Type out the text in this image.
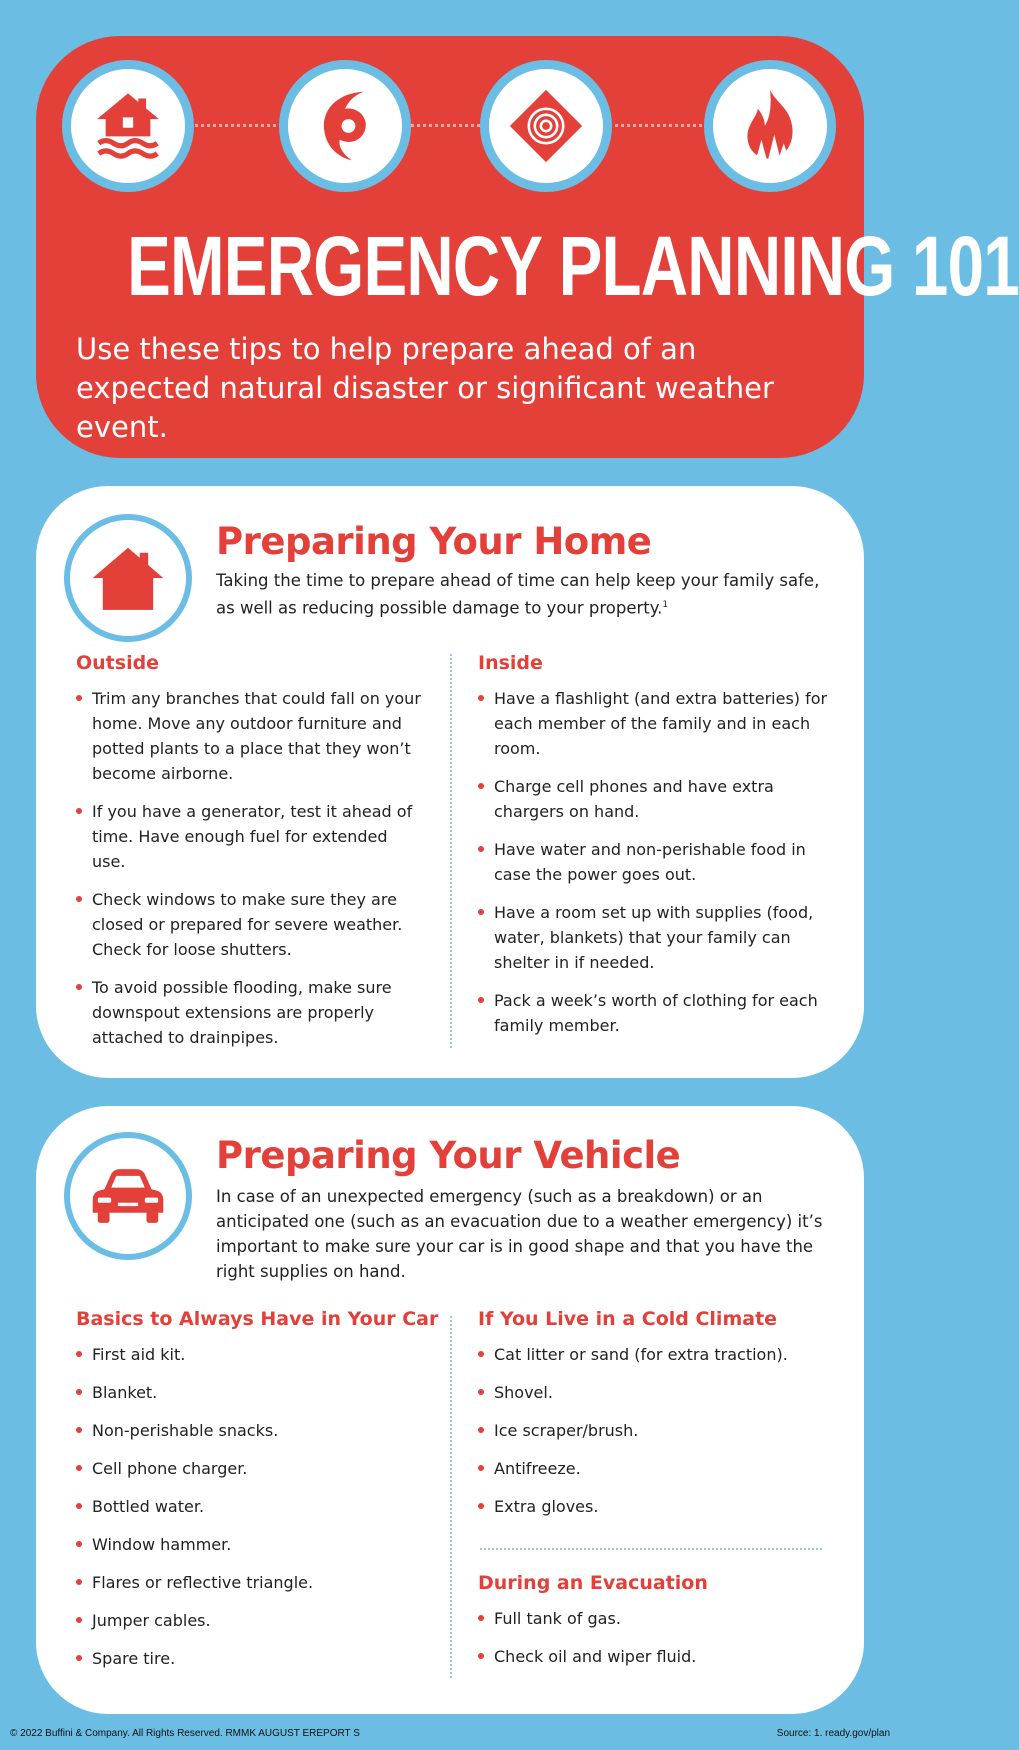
EMERGENCY PLANNING 101
Use these tips to help prepare ahead of an expected natural disaster or significant weather event.
Preparing Your Home
Taking the time to prepare ahead of time can help keep your family safe, as well as reducing possible damage to your property.$^1$
Outside
Trim any branches that could fall on your home. Move any outdoor furniture and potted plants to a place that they won’t become airborne.
If you have a generator, test it ahead of time. Have enough fuel for extended use.
Check windows to make sure they are closed or prepared for severe weather. Check for loose shutters.
To avoid possible flooding, make sure downspout extensions are properly attached to drainpipes.
Inside
Have a flashlight (and extra batteries) for each member of the family and in each room.
Charge cell phones and have extra chargers on hand.
Have water and non-perishable food in case the power goes out.
Have a room set up with supplies (food, water, blankets) that your family can shelter in if needed.
Pack a week’s worth of clothing for each family member.
Preparing Your Vehicle
In case of an unexpected emergency (such as a breakdown) or an anticipated one (such as an evacuation due to a weather emergency) it’s important to make sure your car is in good shape and that you have the right supplies on hand.
Basics to Always Have in Your Car
First aid kit.
Blanket.
Non-perishable snacks.
Cell phone charger.
Bottled water.
Window hammer.
Flares or reflective triangle.
Jumper cables.
Spare tire.
If You Live in a Cold Climate
Cat litter or sand (for extra traction).
Shovel.
Ice scraper/brush.
Antifreeze.
Extra gloves.
During an Evacuation
Full tank of gas.
Check oil and wiper fluid.
© 2022 Buffini & Company. All Rights Reserved. RMMK AUGUST EREPORT S	Source: 1. ready.gov/plan
